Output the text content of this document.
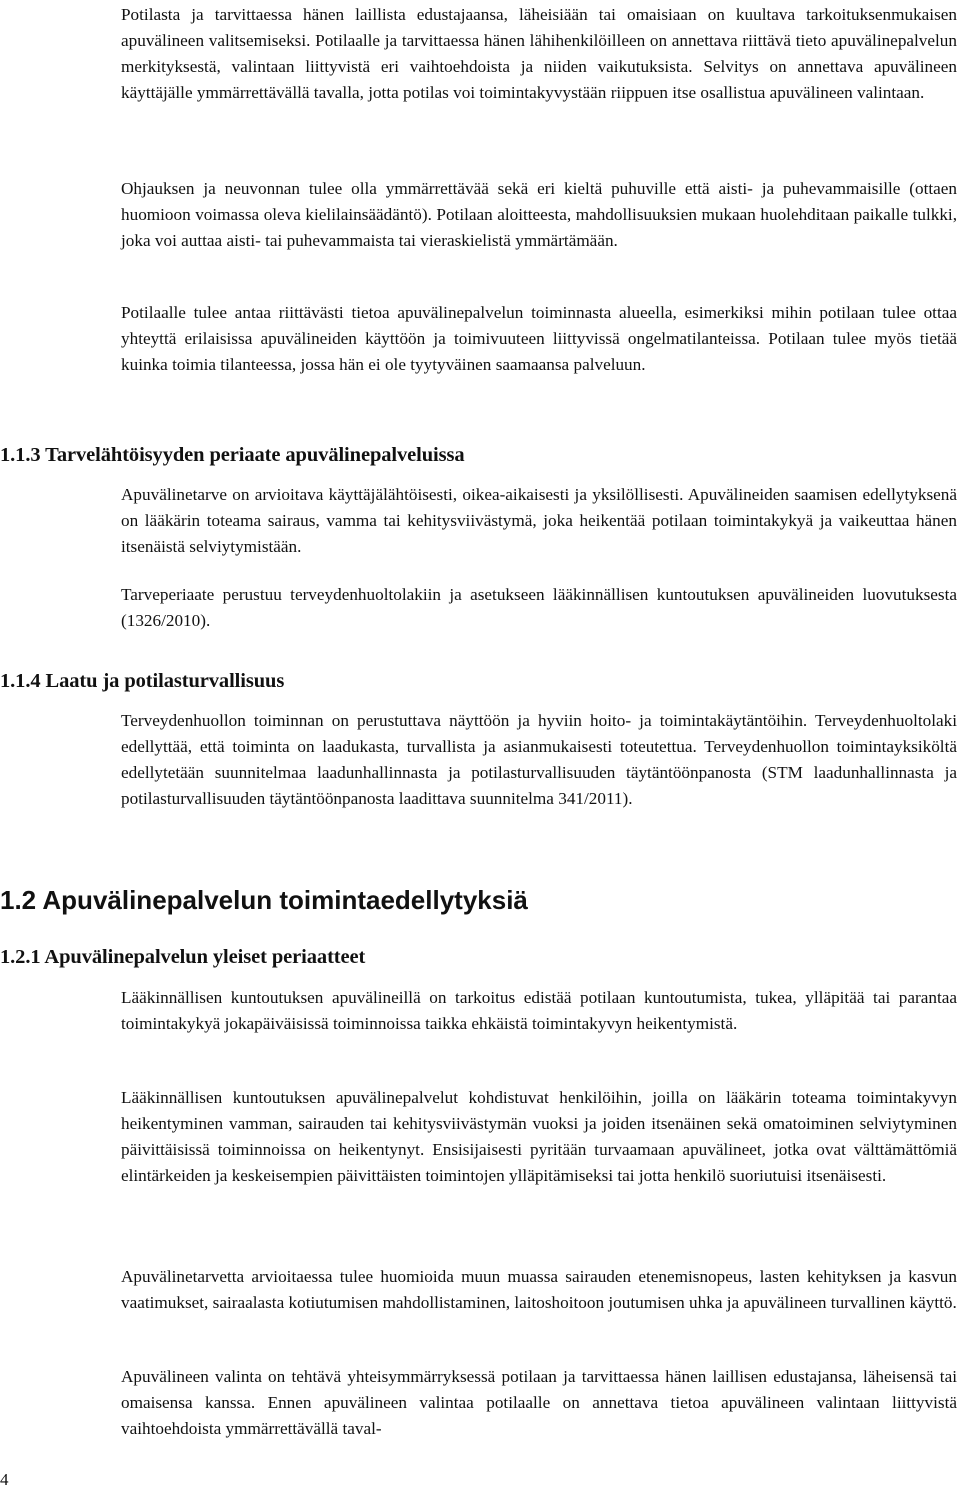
Potilasta ja tarvittaessa hänen laillista edustajaansa, läheisiään tai omaisiaan on kuultava tarkoituksenmukaisen apuvälineen valitsemiseksi. Potilaalle ja tarvittaessa hänen lähihenkilöilleen on annettava riittävä tieto apuvälinepalvelun merkityksestä, valintaan liittyvistä eri vaihtoehdoista ja niiden vaikutuksista. Selvitys on annettava apuvälineen käyttäjälle ymmärrettävällä tavalla, jotta potilas voi toimintakyvystään riippuen itse osallistua apuvälineen valintaan.

Ohjauksen ja neuvonnan tulee olla ymmärrettävää sekä eri kieltä puhuville että aisti- ja puhevammaisille (ottaen huomioon voimassa oleva kielilainsäädäntö). Potilaan aloitteesta, mahdollisuuksien mukaan huolehditaan paikalle tulkki, joka voi auttaa aisti- tai puhevammaista tai vieraskielistä ymmärtämään.

Potilaalle tulee antaa riittävästi tietoa apuvälinepalvelun toiminnasta alueella, esimerkiksi mihin potilaan tulee ottaa yhteyttä erilaisissa apuvälineiden käyttöön ja toimivuuteen liittyvissä ongelmatilanteissa. Potilaan tulee myös tietää kuinka toimia tilanteessa, jossa hän ei ole tyytyväinen saamaansa palveluun.

1.1.3 Tarvelähtöisyyden periaate apuvälinepalveluissa

Apuvälinetarve on arvioitava käyttäjälähtöisesti, oikea-aikaisesti ja yksilöllisesti. Apuvälineiden saamisen edellytyksenä on lääkärin toteama sairaus, vamma tai kehitysviivästymä, joka heikentää potilaan toimintakykyä ja vaikeuttaa hänen itsenäistä selviytymistään.

Tarveperiaate perustuu terveydenhuoltolakiin ja asetukseen lääkinnällisen kuntoutuksen apuvälineiden luovutuksesta (1326/2010).

1.1.4 Laatu ja potilasturvallisuus

Terveydenhuollon toiminnan on perustuttava näyttöön ja hyviin hoito- ja toimintakäytäntöihin. Terveydenhuoltolaki edellyttää, että toiminta on laadukasta, turvallista ja asianmukaisesti toteutettua. Terveydenhuollon toimintayksiköltä edellytetään suunnitelmaa laadunhallinnasta ja potilasturvallisuuden täytäntöönpanosta (STM laadunhallinnasta ja potilasturvallisuuden täytäntöönpanosta laadittava suunnitelma 341/2011).

1.2 Apuvälinepalvelun toimintaedellytyksiä
1.2.1 Apuvälinepalvelun yleiset periaatteet

Lääkinnällisen kuntoutuksen apuvälineillä on tarkoitus edistää potilaan kuntoutumista, tukea, ylläpitää tai parantaa toimintakykyä jokapäiväisissä toiminnoissa taikka ehkäistä toimintakyvyn heikentymistä.

Lääkinnällisen kuntoutuksen apuvälinepalvelut kohdistuvat henkilöihin, joilla on lääkärin toteama toimintakyvyn heikentyminen vamman, sairauden tai kehitysviivästymän vuoksi ja joiden itsenäinen sekä omatoiminen selviytyminen päivittäisissä toiminnoissa on heikentynyt. Ensisijaisesti pyritään turvaamaan apuvälineet, jotka ovat välttämättömiä elintärkeiden ja keskeisempien päivittäisten toimintojen ylläpitämiseksi tai jotta henkilö suoriutuisi itsenäisesti.

Apuvälinetarvetta arvioitaessa tulee huomioida muun muassa sairauden etenemisnopeus, lasten kehityksen ja kasvun vaatimukset, sairaalasta kotiutumisen mahdollistaminen, laitoshoitoon joutumisen uhka ja apuvälineen turvallinen käyttö.

Apuvälineen valinta on tehtävä yhteisymmärryksessä potilaan ja tarvittaessa hänen laillisen edustajansa, läheisensä tai omaisensa kanssa. Ennen apuvälineen valintaa potilaalle on annettava tietoa apuvälineen valintaan liittyvistä vaihtoehdoista ymmärrettävällä taval-

4
